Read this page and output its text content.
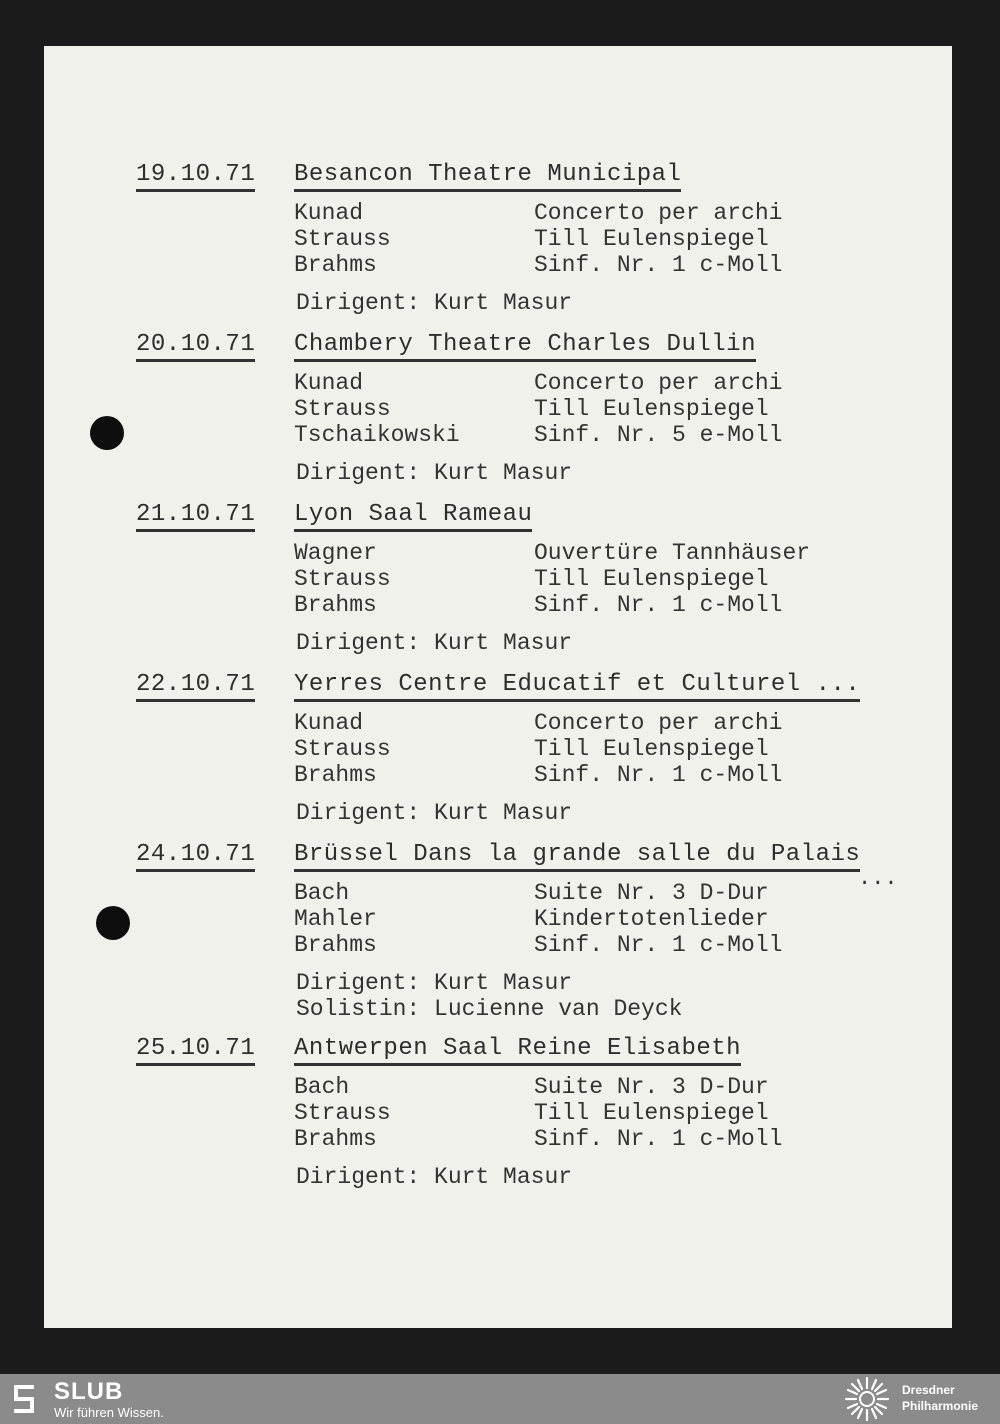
19.10.71 Besancon Theatre Municipal
Kunad	Concerto per archi
Strauss	Till Eulenspiegel
Brahms	Sinf. Nr. 1 c-Moll
Dirigent: Kurt Masur
20.10.71 Chambery Theatre Charles Dullin
Kunad	Concerto per archi
Strauss	Till Eulenspiegel
Tschaikowski	Sinf. Nr. 5 e-Moll
Dirigent: Kurt Masur
21.10.71 Lyon Saal Rameau
Wagner	Ouvertüre Tannhäuser
Strauss	Till Eulenspiegel
Brahms	Sinf. Nr. 1 c-Moll
Dirigent: Kurt Masur
22.10.71 Yerres Centre Educatif et Culturel ...
Kunad	Concerto per archi
Strauss	Till Eulenspiegel
Brahms	Sinf. Nr. 1 c-Moll
Dirigent: Kurt Masur
24.10.71 Brüssel Dans la grande salle du Palais
...
Bach	Suite Nr. 3 D-Dur
Mahler	Kindertotenlieder
Brahms	Sinf. Nr. 1 c-Moll
Dirigent: Kurt Masur
Solistin: Lucienne van Deyck
25.10.71 Antwerpen Saal Reine Elisabeth
Bach	Suite Nr. 3 D-Dur
Strauss	Till Eulenspiegel
Brahms	Sinf. Nr. 1 c-Moll
Dirigent: Kurt Masur
SLUB
Wir führen Wissen.
Dresdner
Philharmonie
